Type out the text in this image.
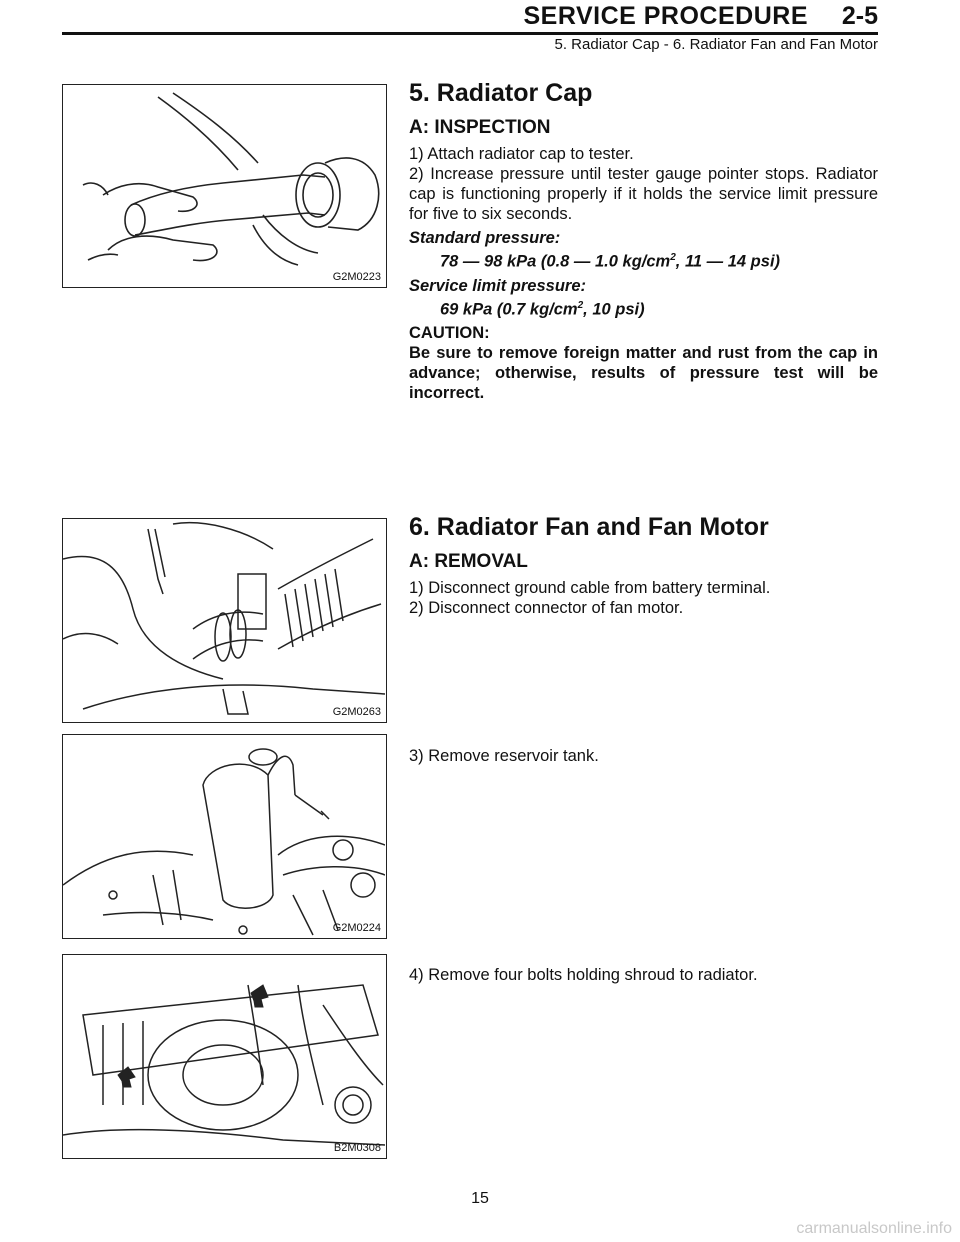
SERVICE PROCEDURE 2-5
5. Radiator Cap - 6. Radiator Fan and Fan Motor
G2M0223

5. Radiator Cap

A: INSPECTION

1) Attach radiator cap to tester.

2) Increase pressure until tester gauge pointer stops. Radiator cap is functioning properly if it holds the service limit pressure for five to six seconds.

Standard pressure:

78 — 98 kPa (0.8 — 1.0 $kg/cm^2$, 11 — 14 psi)

Service limit pressure:

69 kPa (0.7 $kg/cm^2$, 10 psi)

CAUTION:

Be sure to remove foreign matter and rust from the cap in advance; otherwise, results of pressure test will be incorrect.

G2M0263

6. Radiator Fan and Fan Motor

A: REMOVAL

1) Disconnect ground cable from battery terminal.

2) Disconnect connector of fan motor.

G2M0224

3) Remove reservoir tank.

B2M0308

4) Remove four bolts holding shroud to radiator.

15
carmanualsonline.info
